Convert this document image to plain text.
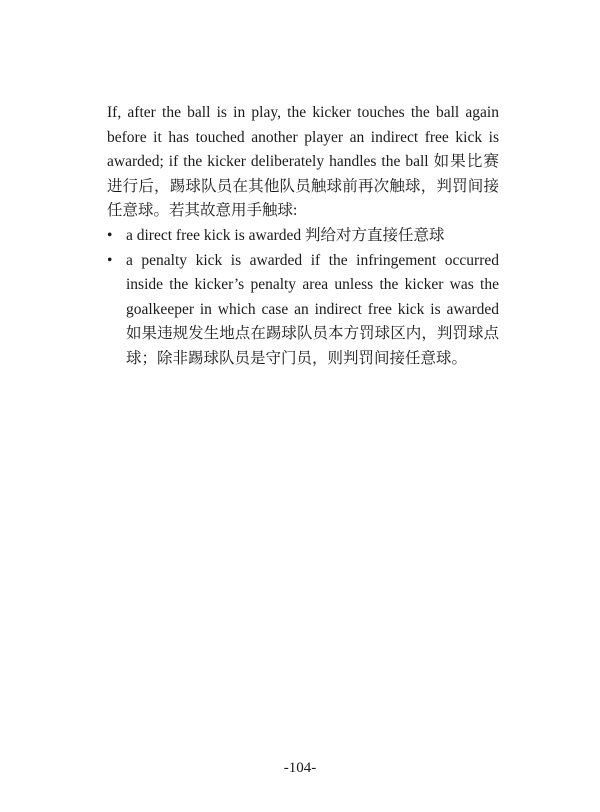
If, after the ball is in play, the kicker touches the ball again before it has touched another player an indirect free kick is awarded; if the kicker deliberately handles the ball 如果比赛进行后，踢球队员在其他队员触球前再次触球，判罚间接任意球。若其故意用手触球:

• a direct free kick is awarded 判给对方直接任意球
• a penalty kick is awarded if the infringement occurred inside the kicker’s penalty area unless the kicker was the goalkeeper in which case an indirect free kick is awarded 如果违规发生地点在踢球队员本方罚球区内，判罚球点球；除非踢球队员是守门员，则判罚间接任意球。
-104-
